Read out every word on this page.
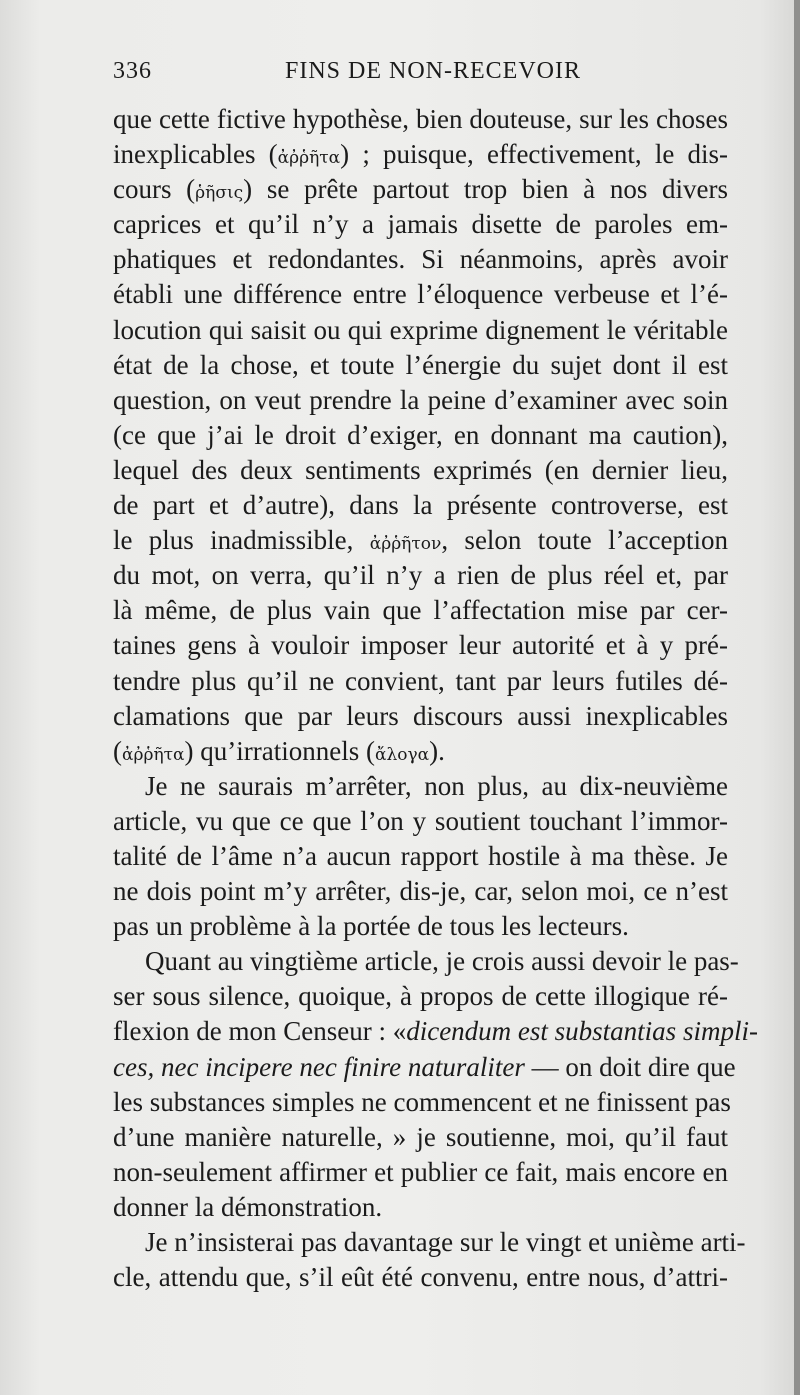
336	FINS DE NON-RECEVOIR
que cette fictive hypothèse, bien douteuse, sur les choses
inexplicables (ἀῤῥῆτα) ; puisque, effectivement, le dis-
cours (ῥῆσις) se prête partout trop bien à nos divers
caprices et qu’il n’y a jamais disette de paroles em-
phatiques et redondantes. Si néanmoins, après avoir
établi une différence entre l’éloquence verbeuse et l’é-
locution qui saisit ou qui exprime dignement le véritable
état de la chose, et toute l’énergie du sujet dont il est
question, on veut prendre la peine d’examiner avec soin
(ce que j’ai le droit d’exiger, en donnant ma caution),
lequel des deux sentiments exprimés (en dernier lieu,
de part et d’autre), dans la présente controverse, est
le plus inadmissible, ἀῤῥῆτον, selon toute l’acception
du mot, on verra, qu’il n’y a rien de plus réel et, par
là même, de plus vain que l’affectation mise par cer-
taines gens à vouloir imposer leur autorité et à y pré-
tendre plus qu’il ne convient, tant par leurs futiles dé-
clamations que par leurs discours aussi inexplicables
(ἀῤῥῆτα) qu’irrationnels (ἄλογα).
Je ne saurais m’arrêter, non plus, au dix-neuvième
article, vu que ce que l’on y soutient touchant l’immor-
talité de l’âme n’a aucun rapport hostile à ma thèse. Je
ne dois point m’y arrêter, dis-je, car, selon moi, ce n’est
pas un problème à la portée de tous les lecteurs.
Quant au vingtième article, je crois aussi devoir le pas-
ser sous silence, quoique, à propos de cette illogique ré-
flexion de mon Censeur : «dicendum est substantias simpli-
ces, nec incipere nec finire naturaliter — on doit dire que
les substances simples ne commencent et ne finissent pas
d’une manière naturelle, » je soutienne, moi, qu’il faut
non-seulement affirmer et publier ce fait, mais encore en
donner la démonstration.
Je n’insisterai pas davantage sur le vingt et unième arti-
cle, attendu que, s’il eût été convenu, entre nous, d’attri-
